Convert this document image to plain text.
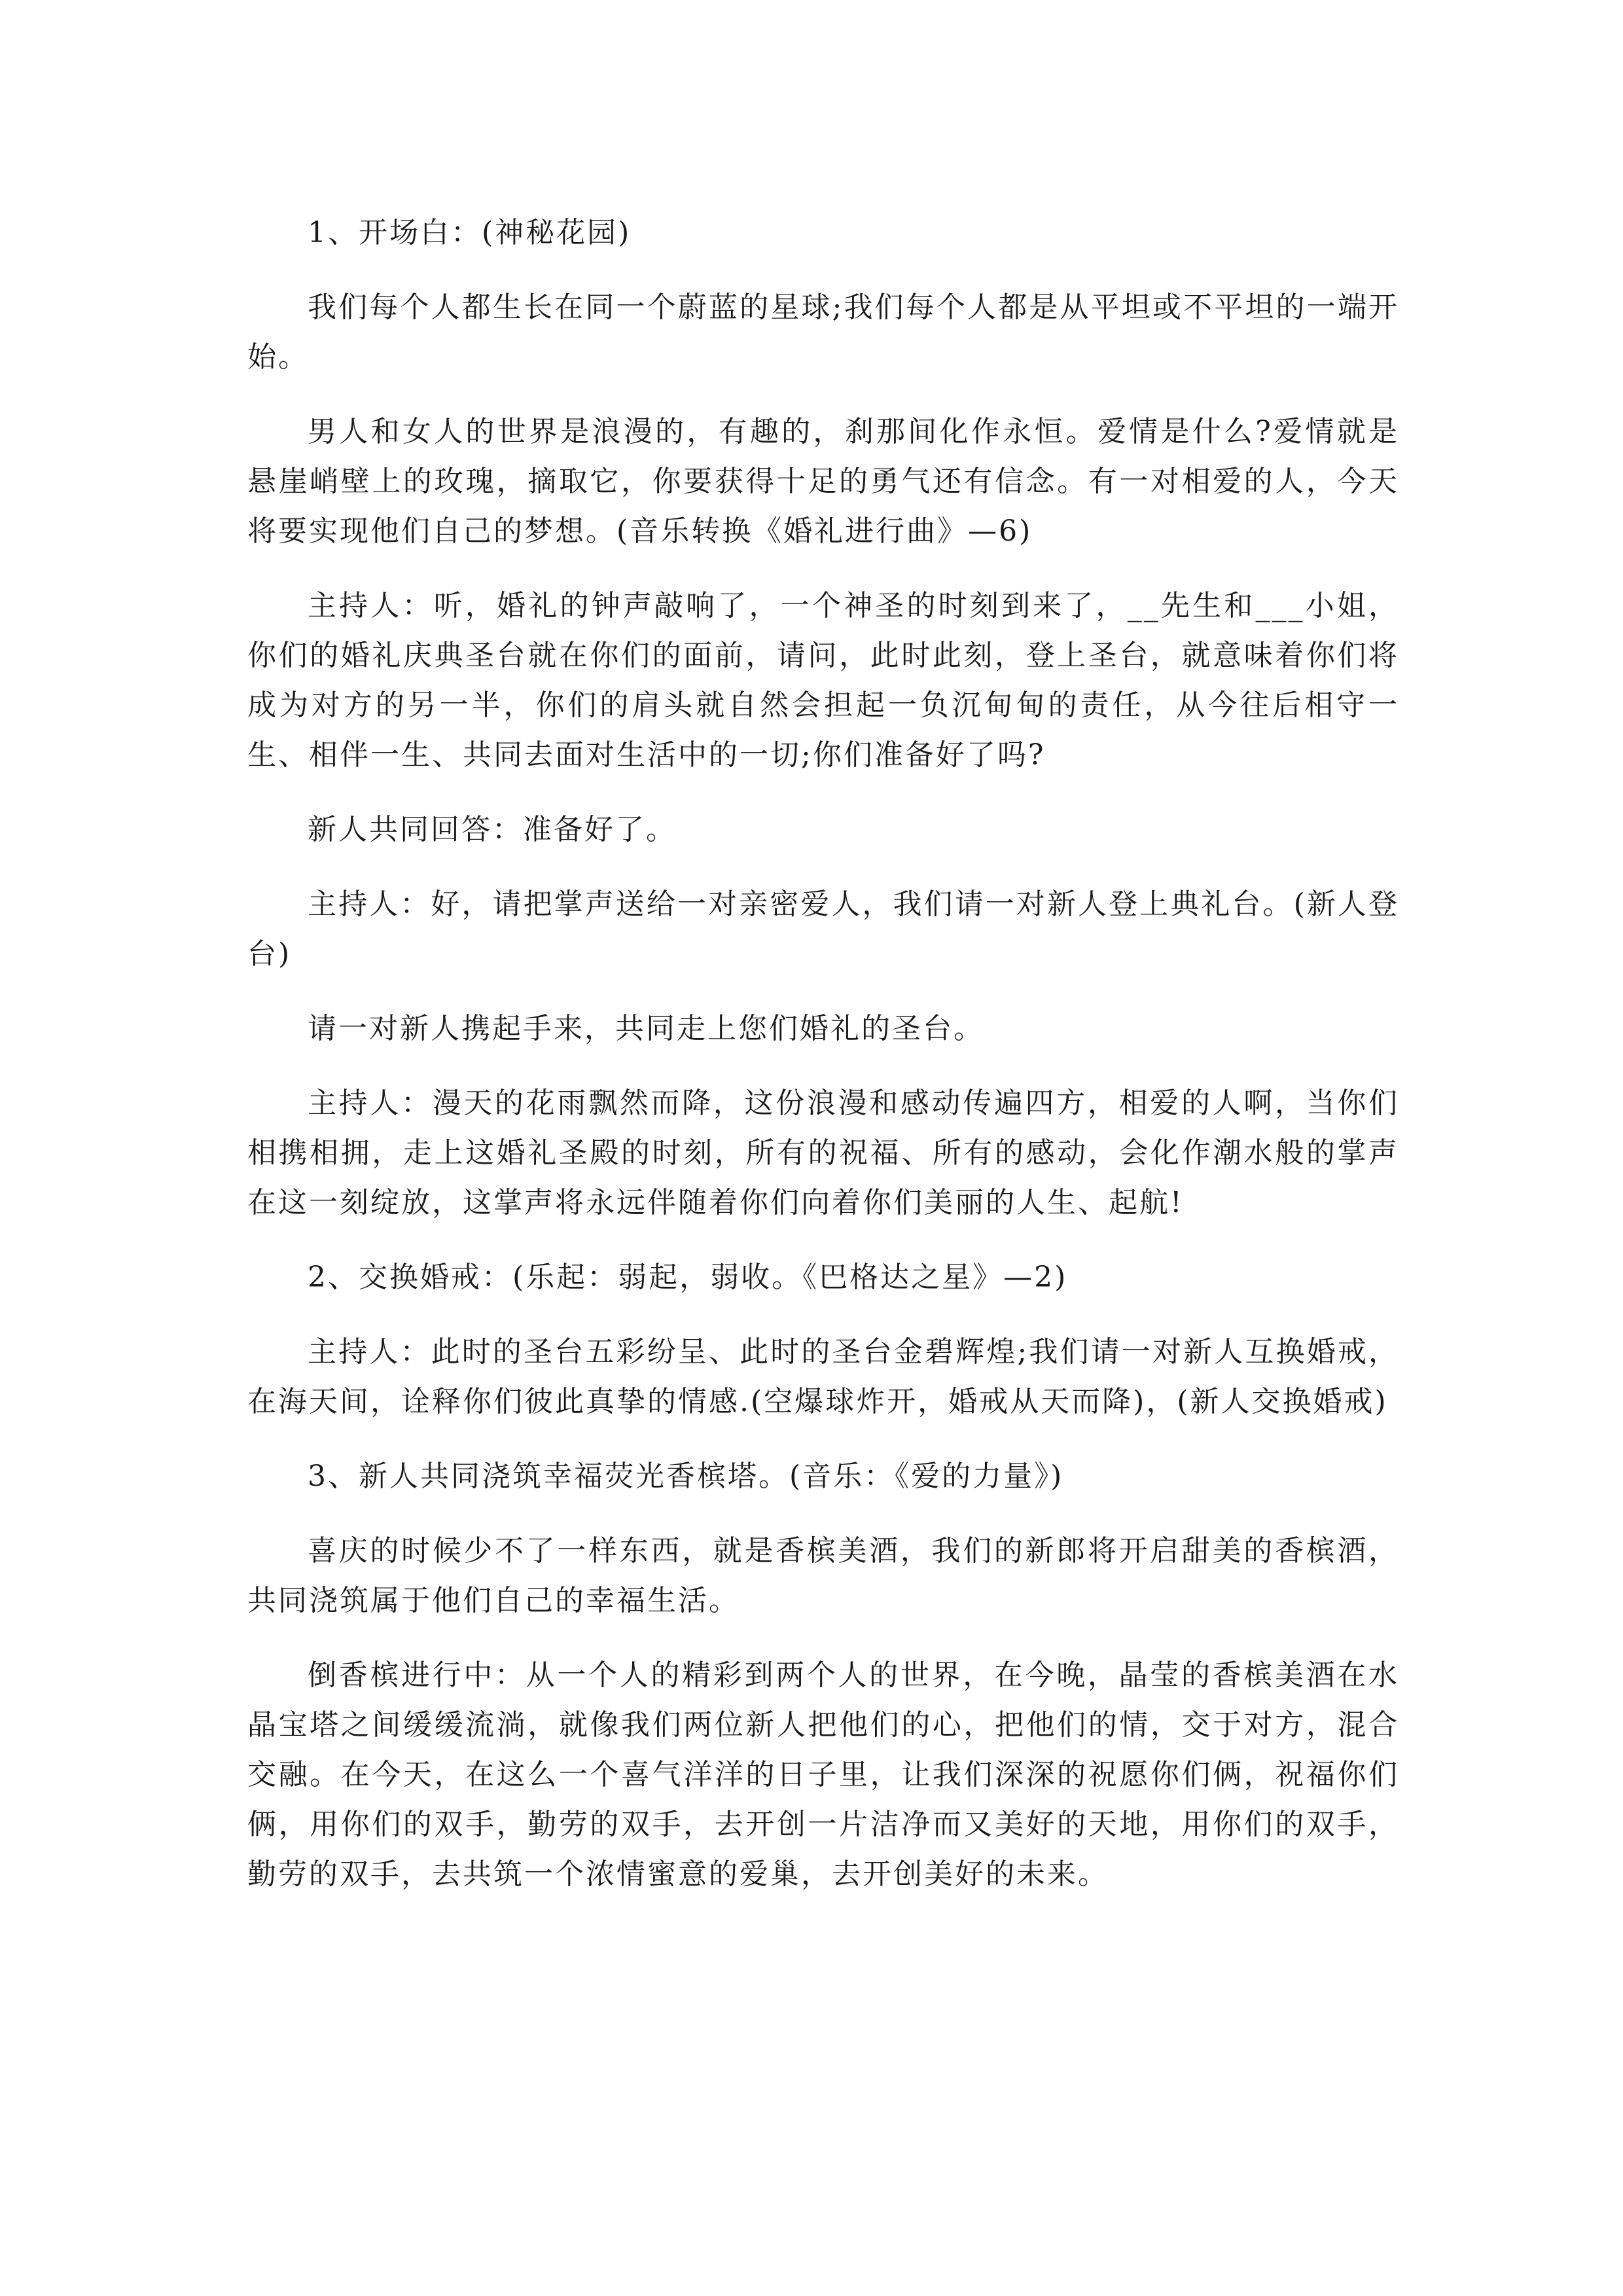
1、开场白：(神秘花园)

我们每个人都生长在同一个蔚蓝的星球;我们每个人都是从平坦或不平坦的一端开始。

男人和女人的世界是浪漫的，有趣的，刹那间化作永恒。爱情是什么?爱情就是悬崖峭壁上的玫瑰，摘取它，你要获得十足的勇气还有信念。有一对相爱的人，今天将要实现他们自己的梦想。(音乐转换《婚礼进行曲》—6)

主持人：听，婚礼的钟声敲响了，一个神圣的时刻到来了，__先生和___小姐，你们的婚礼庆典圣台就在你们的面前，请问，此时此刻，登上圣台，就意味着你们将成为对方的另一半，你们的肩头就自然会担起一负沉甸甸的责任，从今往后相守一生、相伴一生、共同去面对生活中的一切;你们准备好了吗?

新人共同回答：准备好了。

主持人：好，请把掌声送给一对亲密爱人，我们请一对新人登上典礼台。(新人登台)

请一对新人携起手来，共同走上您们婚礼的圣台。

主持人：漫天的花雨飘然而降，这份浪漫和感动传遍四方，相爱的人啊，当你们相携相拥，走上这婚礼圣殿的时刻，所有的祝福、所有的感动，会化作潮水般的掌声在这一刻绽放，这掌声将永远伴随着你们向着你们美丽的人生、起航!

2、交换婚戒：(乐起：弱起，弱收。《巴格达之星》—2)

主持人：此时的圣台五彩纷呈、此时的圣台金碧辉煌;我们请一对新人互换婚戒，在海天间，诠释你们彼此真挚的情感.(空爆球炸开，婚戒从天而降)，(新人交换婚戒)

3、新人共同浇筑幸福荧光香槟塔。(音乐：《爱的力量》)

喜庆的时候少不了一样东西，就是香槟美酒，我们的新郎将开启甜美的香槟酒，共同浇筑属于他们自己的幸福生活。

倒香槟进行中：从一个人的精彩到两个人的世界，在今晚，晶莹的香槟美酒在水晶宝塔之间缓缓流淌，就像我们两位新人把他们的心，把他们的情，交于对方，混合交融。在今天，在这么一个喜气洋洋的日子里，让我们深深的祝愿你们俩，祝福你们俩，用你们的双手，勤劳的双手，去开创一片洁净而又美好的天地，用你们的双手，勤劳的双手，去共筑一个浓情蜜意的爱巢，去开创美好的未来。
